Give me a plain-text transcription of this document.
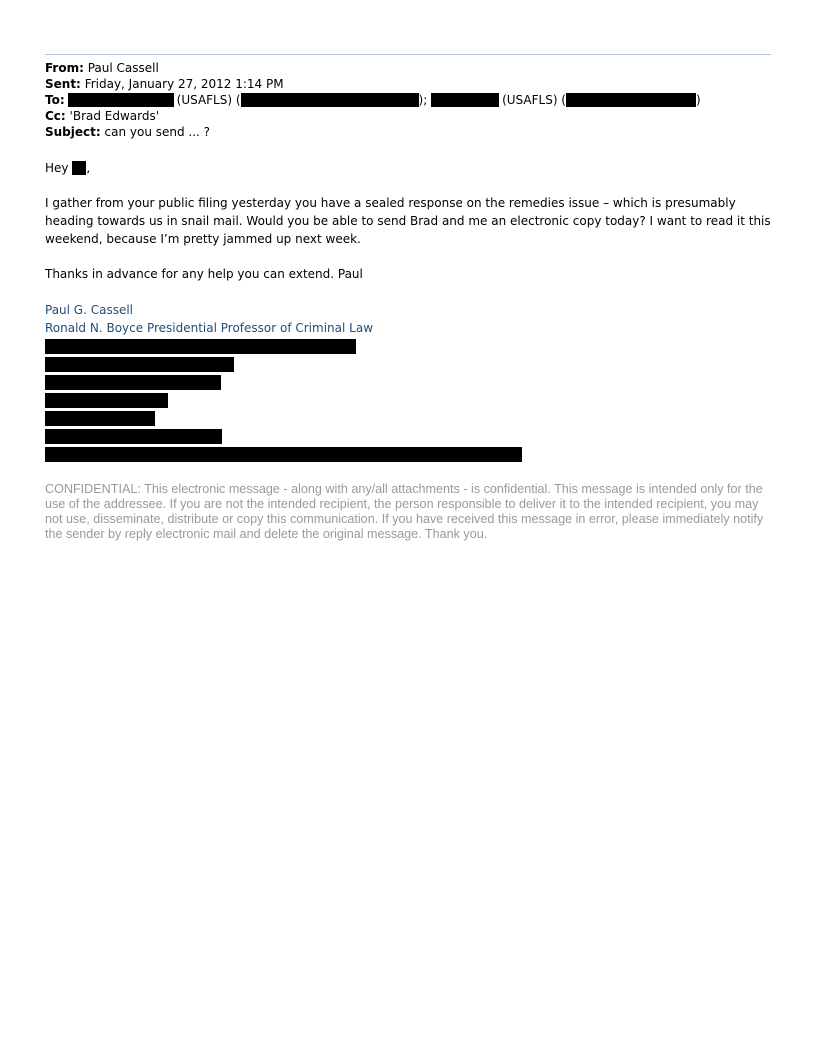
From: Paul Cassell
Sent: Friday, January 27, 2012 1:14 PM
To:	(USAFLS) (	);	(USAFLS) (	)
Cc: 'Brad Edwards'
Subject: can you send ... ?
Hey ,
I gather from your public filing yesterday you have a sealed response on the remedies issue – which is presumably heading towards us in snail mail. Would you be able to send Brad and me an electronic copy today? I want to read it this weekend, because I’m pretty jammed up next week.
Thanks in advance for any help you can extend. Paul
Paul G. Cassell
Ronald N. Boyce Presidential Professor of Criminal Law
CONFIDENTIAL: This electronic message - along with any/all attachments - is confidential. This message is intended only for the use of the addressee. If you are not the intended recipient, the person responsible to deliver it to the intended recipient, you may not use, disseminate, distribute or copy this communication. If you have received this message in error, please immediately notify the sender by reply electronic mail and delete the original message. Thank you.
